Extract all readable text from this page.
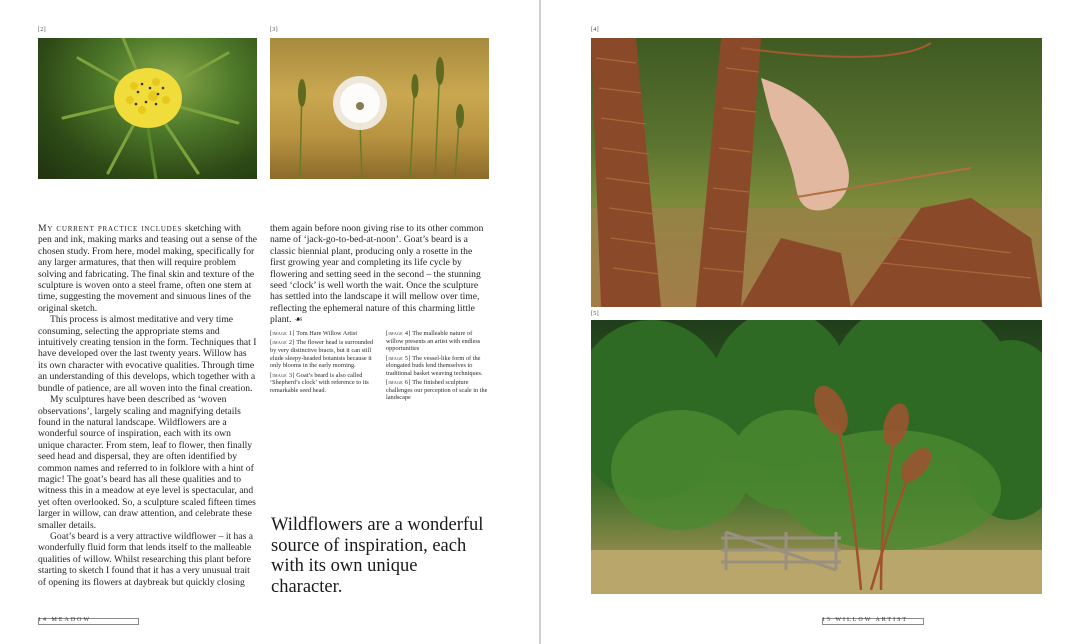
[2]	[3]

My current practice includes sketching with pen and ink, making marks and teasing out a sense of the chosen study. From here, model making, specifically for any larger armatures, that then will require problem solving and fabricating. The final skin and texture of the sculpture is woven onto a steel frame, often one stem at time, suggesting the movement and sinuous lines of the original sketch.

This process is almost meditative and very time consuming, selecting the appropriate stems and intuitively creating tension in the form. Techniques that I have developed over the last twenty years. Willow has its own character with evocative qualities. Through time an understanding of this develops, which together with a bundle of patience, are all woven into the final creation.

My sculptures have been described as ‘woven observations’, largely scaling and magnifying details found in the natural landscape. Wildflowers are a wonderful source of inspiration, each with its own unique character. From stem, leaf to flower, then finally seed head and dispersal, they are often identified by common names and referred to in folklore with a hint of magic! The goat’s beard has all these qualities and to witness this in a meadow at eye level is spectacular, and yet often overlooked. So, a sculpture scaled fifteen times larger in willow, can draw attention, and celebrate these smaller details.

Goat’s beard is a very attractive wildflower – it has a wonderfully fluid form that lends itself to the malleable qualities of willow. Whilst researching this plant before starting to sketch I found that it has a very unusual trait of opening its flowers at daybreak but quickly closing

them again before noon giving rise to its other common name of ‘jack-go-to-bed-at-noon’. Goat’s beard is a classic biennial plant, producing only a rosette in the first growing year and completing its life cycle by flowering and setting seed in the second – the stunning seed ‘clock’ is well worth the wait. Once the sculpture has settled into the landscape it will mellow over time, reflecting the ephemeral nature of this charming little plant. ☙

[image 1] Tom Hare Willow Artist

[image 2] The flower head is surrounded by very distinctive bracts, but it can still elude sleepy-headed botanists because it only blooms in the early morning.

[image 3] Goat’s beard is also called ‘Shepherd’s clock’ with reference to its remarkable seed head.

[image 4] The malleable nature of willow presents an artist with endless opportunities

[image 5] The vessel-like form of the elongated buds lend themselves to traditional basket weaving techniques.

[image 6] The finished sculpture challenges our perception of scale in the landscape

Wildflowers are a wonderful source of inspiration, each with its own unique character.
14 MEADOW
[4]
[5]
15 WILLOW ARTIST
